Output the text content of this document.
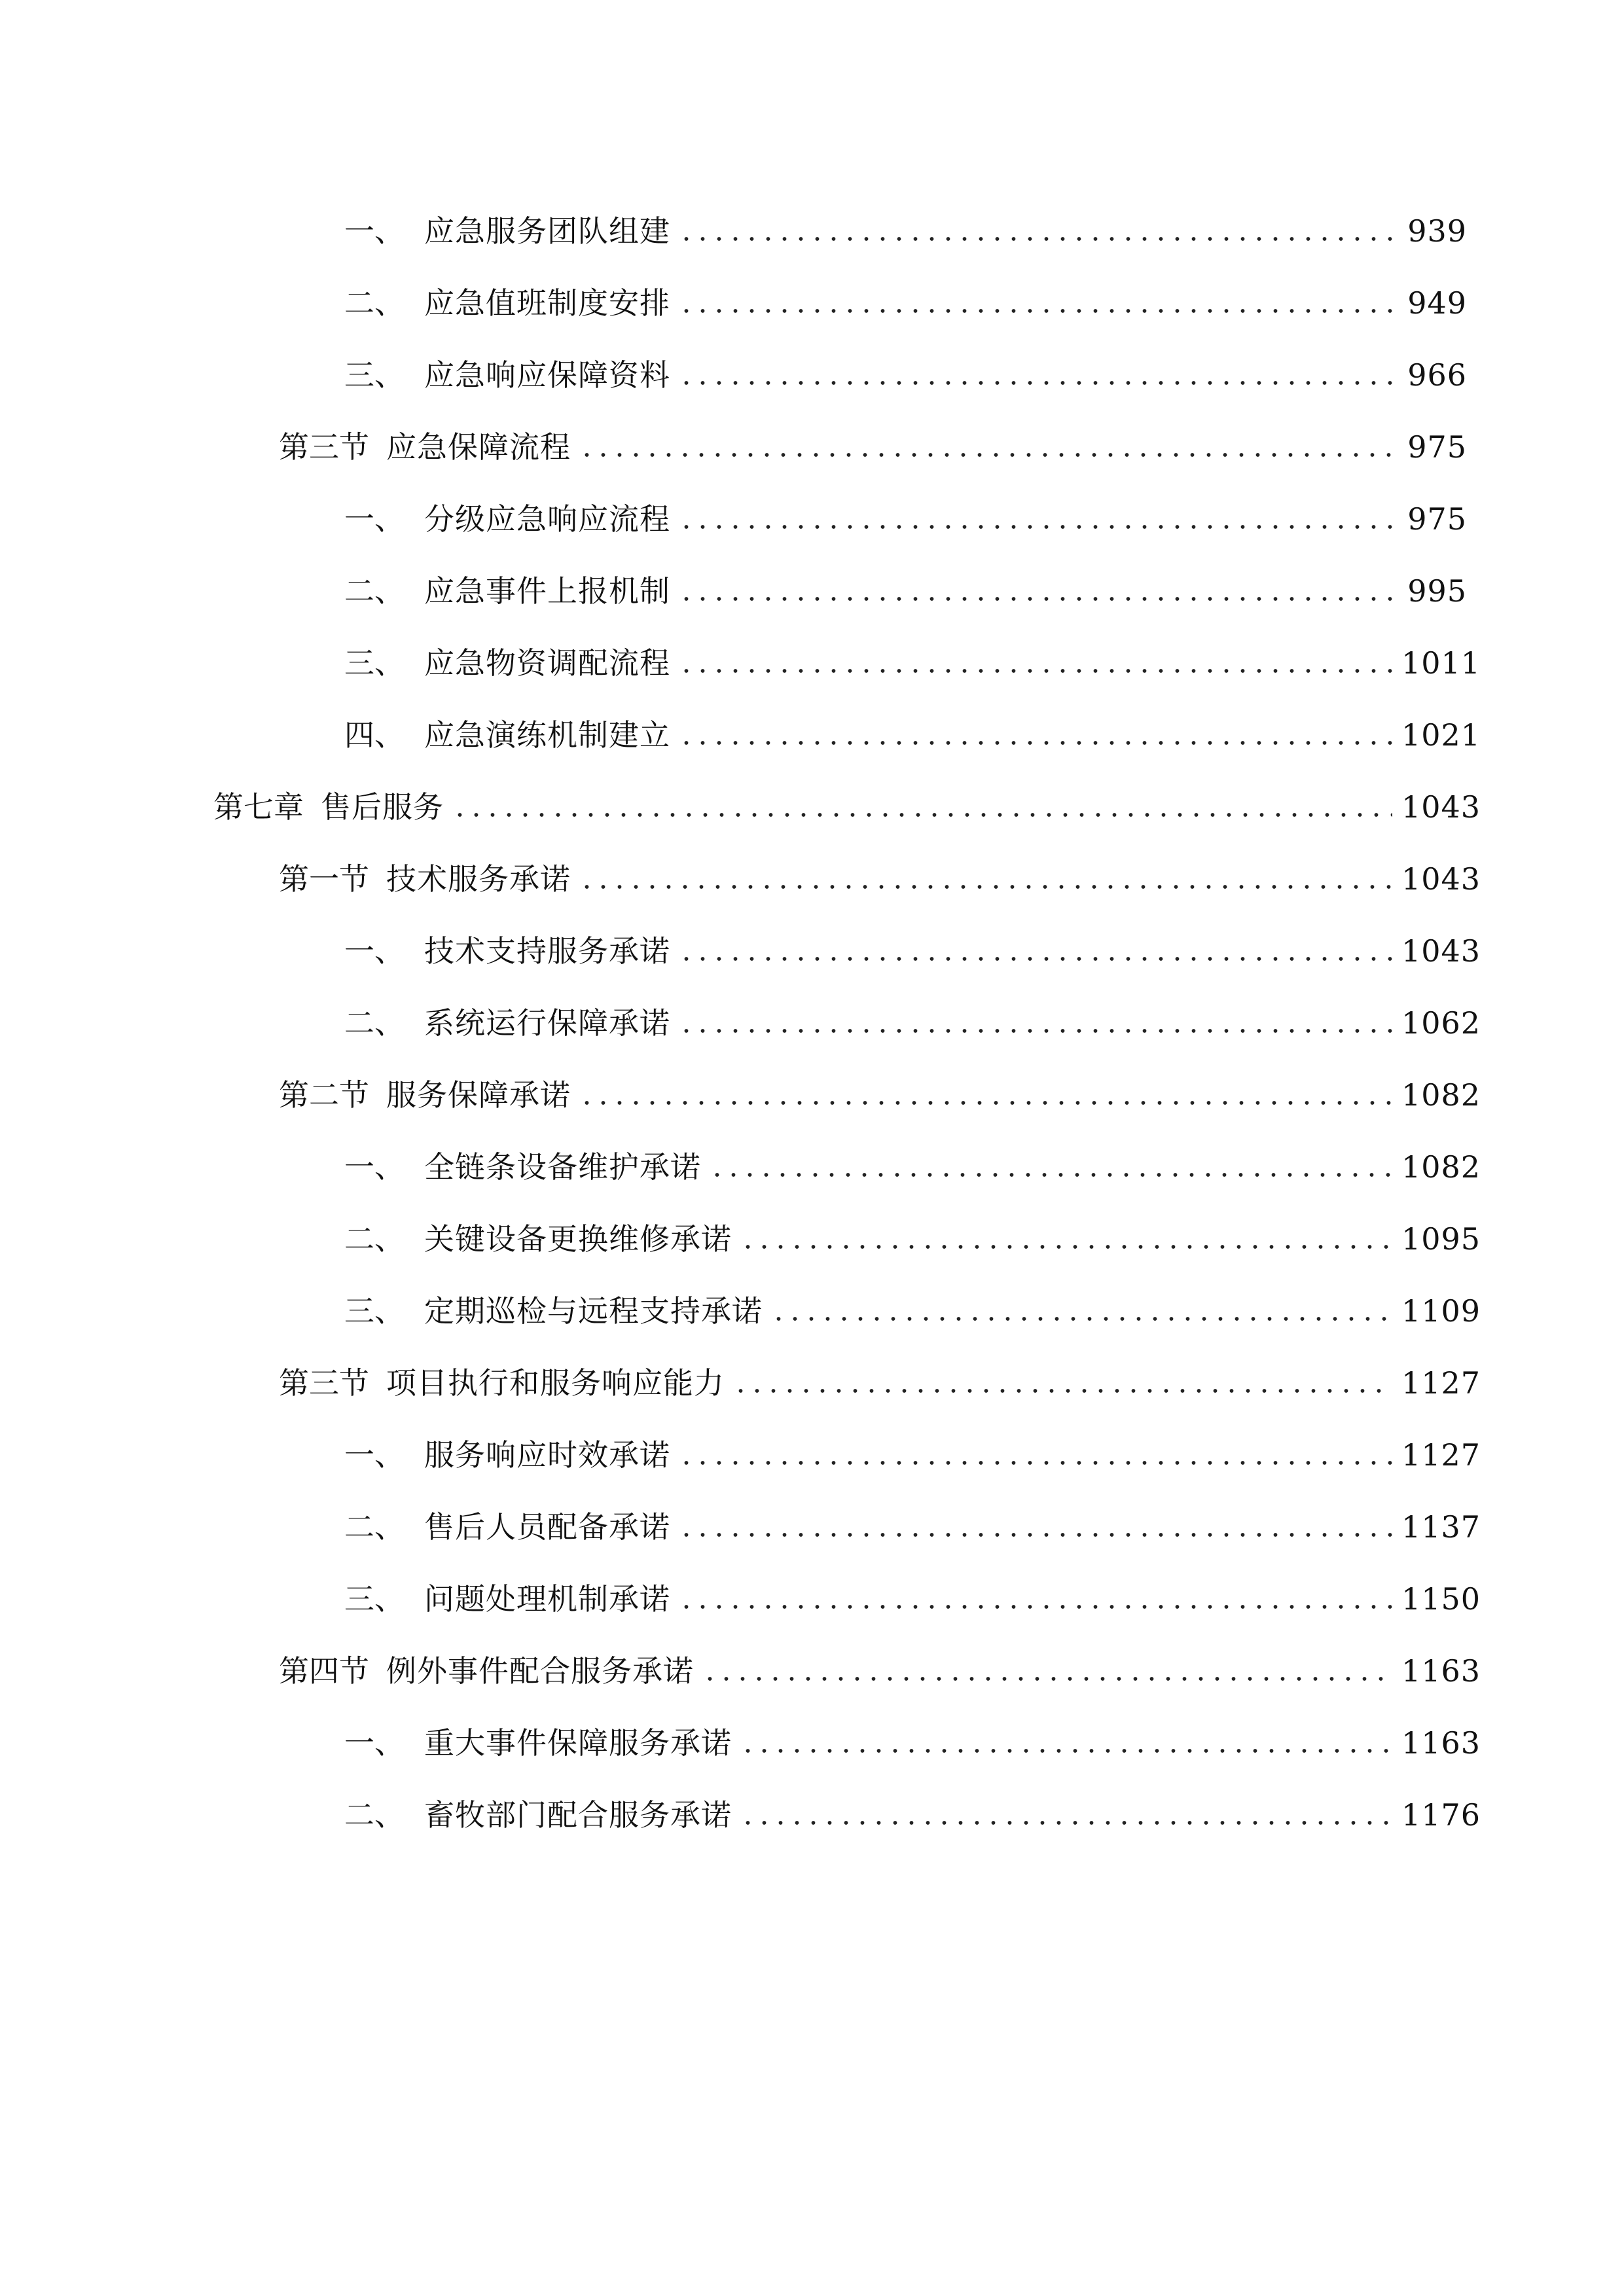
一、 应急服务团队组建	939
二、 应急值班制度安排	949
三、 应急响应保障资料	966
第三节 应急保障流程	975
一、 分级应急响应流程	975
二、 应急事件上报机制	995
三、 应急物资调配流程	1011
四、 应急演练机制建立	1021
第七章 售后服务	1043
第一节 技术服务承诺	1043
一、 技术支持服务承诺	1043
二、 系统运行保障承诺	1062
第二节 服务保障承诺	1082
一、 全链条设备维护承诺	1082
二、 关键设备更换维修承诺	1095
三、 定期巡检与远程支持承诺	1109
第三节 项目执行和服务响应能力	1127
一、 服务响应时效承诺	1127
二、 售后人员配备承诺	1137
三、 问题处理机制承诺	1150
第四节 例外事件配合服务承诺	1163
一、 重大事件保障服务承诺	1163
二、 畜牧部门配合服务承诺	1176
